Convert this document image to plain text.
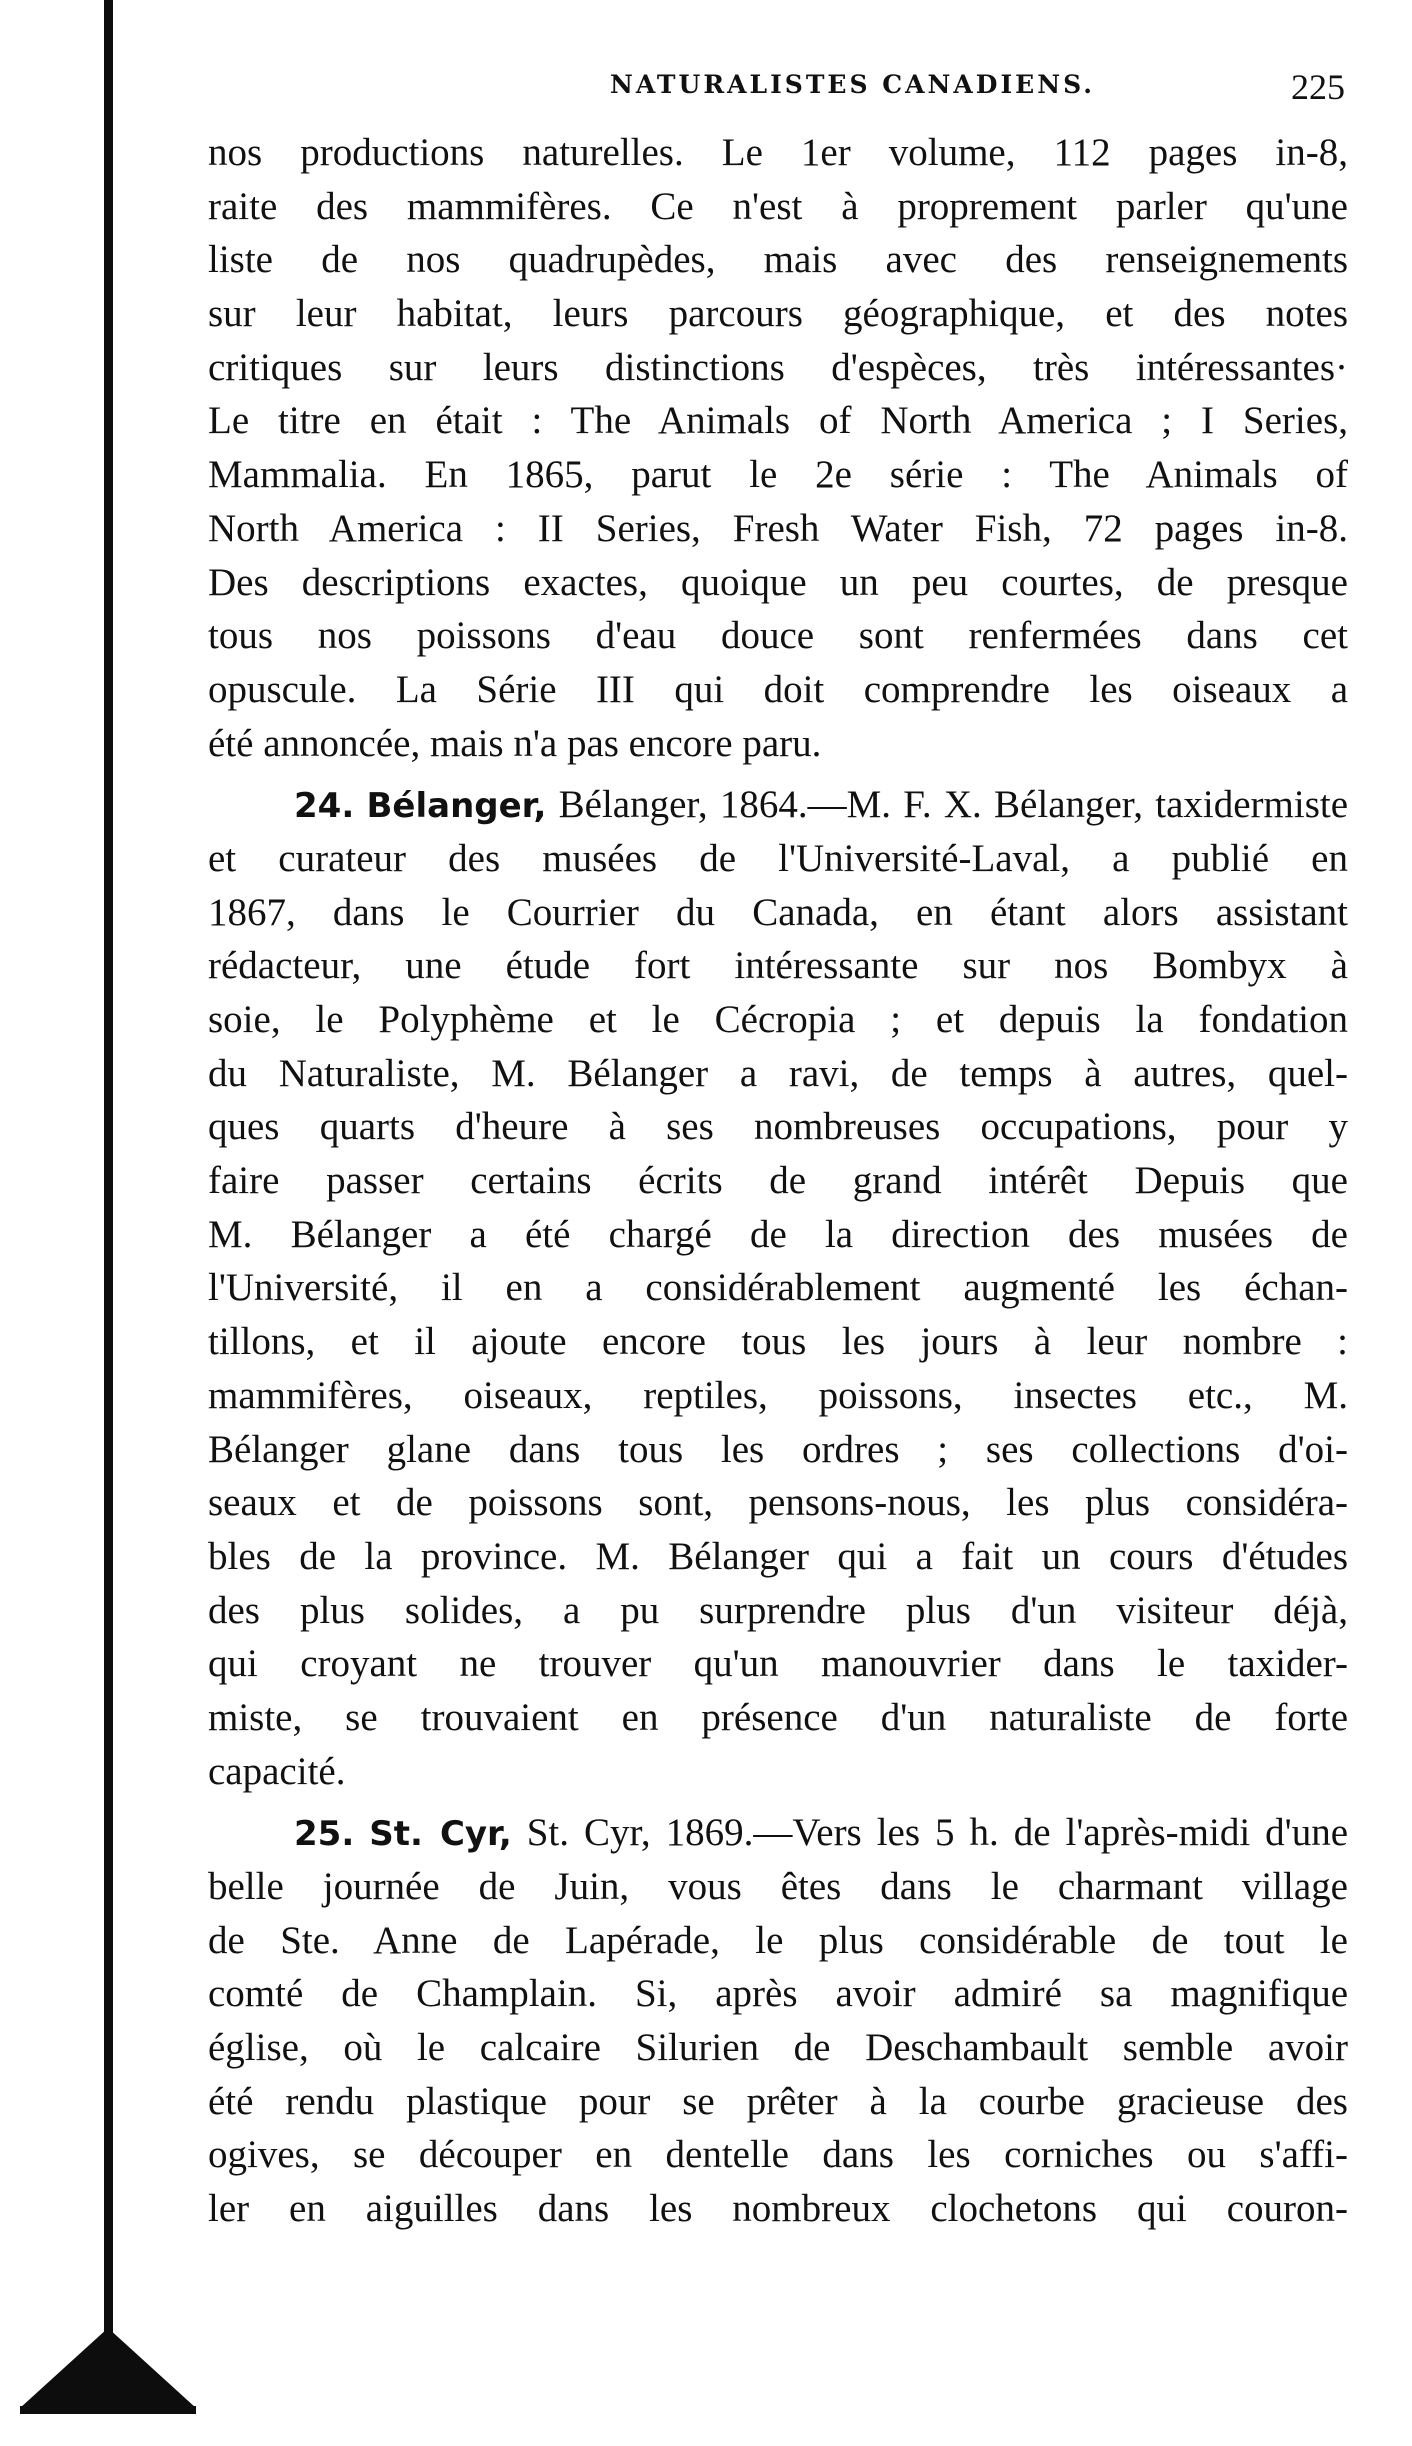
NATURALISTES CANADIENS.	225
nos productions naturelles. Le 1er volume, 112 pages in-8,
raite des mammifères. Ce n'est à proprement parler qu'une
liste de nos quadrupèdes, mais avec des renseignements
sur leur habitat, leurs parcours géographique, et des notes
critiques sur leurs distinctions d'espèces, très intéressantes·
Le titre en était : The Animals of North America ; I Series,
Mammalia. En 1865, parut le 2e série : The Animals of
North America : II Series, Fresh Water Fish, 72 pages in-8.
Des descriptions exactes, quoique un peu courtes, de presque
tous nos poissons d'eau douce sont renfermées dans cet
opuscule. La Série III qui doit comprendre les oiseaux a
été annoncée, mais n'a pas encore paru.
24. Bélanger, Bélanger, 1864.—M. F. X. Bélanger, taxidermiste
et curateur des musées de l'Université-Laval, a publié en
1867, dans le Courrier du Canada, en étant alors assistant
rédacteur, une étude fort intéressante sur nos Bombyx à
soie, le Polyphème et le Cécropia ; et depuis la fondation
du Naturaliste, M. Bélanger a ravi, de temps à autres, quel-
ques quarts d'heure à ses nombreuses occupations, pour y
faire passer certains écrits de grand intérêt Depuis que
M. Bélanger a été chargé de la direction des musées de
l'Université, il en a considérablement augmenté les échan-
tillons, et il ajoute encore tous les jours à leur nombre :
mammifères, oiseaux, reptiles, poissons, insectes etc., M.
Bélanger glane dans tous les ordres ; ses collections d'oi-
seaux et de poissons sont, pensons-nous, les plus considéra-
bles de la province. M. Bélanger qui a fait un cours d'études
des plus solides, a pu surprendre plus d'un visiteur déjà,
qui croyant ne trouver qu'un manouvrier dans le taxider-
miste, se trouvaient en présence d'un naturaliste de forte
capacité.
25. St. Cyr, St. Cyr, 1869.—Vers les 5 h. de l'après-midi d'une
belle journée de Juin, vous êtes dans le charmant village
de Ste. Anne de Lapérade, le plus considérable de tout le
comté de Champlain. Si, après avoir admiré sa magnifique
église, où le calcaire Silurien de Deschambault semble avoir
été rendu plastique pour se prêter à la courbe gracieuse des
ogives, se découper en dentelle dans les corniches ou s'affi-
ler en aiguilles dans les nombreux clochetons qui couron-
